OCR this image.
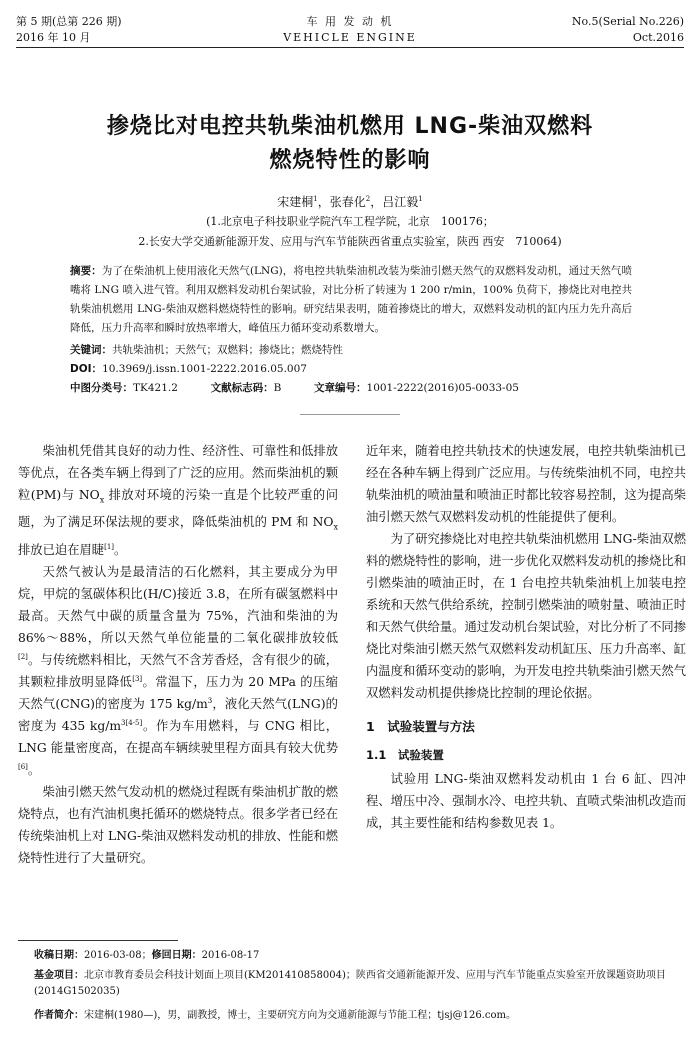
第 5 期(总第 226 期)
2016 年 10 月
车 用 发 动 机
VEHICLE ENGINE
No.5(Serial No.226)
Oct.2016
掺烧比对电控共轨柴油机燃用 LNG-柴油双燃料
燃烧特性的影响
宋建桐$^1$，张春化$^2$，吕江毅$^1$
(1.北京电子科技职业学院汽车工程学院，北京　100176；
2.长安大学交通新能源开发、应用与汽车节能陕西省重点实验室，陕西 西安　710064)
摘要：为了在柴油机上使用液化天然气(LNG)，将电控共轨柴油机改装为柴油引燃天然气的双燃料发动机，通过天然气喷嘴将 LNG 喷入进气管。利用双燃料发动机台架试验，对比分析了转速为 1 200 r/min，100% 负荷下，掺烧比对电控共轨柴油机燃用 LNG-柴油双燃料燃烧特性的影响。研究结果表明，随着掺烧比的增大，双燃料发动机的缸内压力先升高后降低，压力升高率和瞬时放热率增大，峰值压力循环变动系数增大。
关键词：共轨柴油机；天然气；双燃料；掺烧比；燃烧特性
DOI：10.3969/j.issn.1001-2222.2016.05.007
中图分类号：TK421.2	文献标志码：B	文章编号：1001-2222(2016)05-0033-05

柴油机凭借其良好的动力性、经济性、可靠性和低排放等优点，在各类车辆上得到了广泛的应用。然而柴油机的颗粒(PM)与 $NO_x$ 排放对环境的污染一直是个比较严重的问题，为了满足环保法规的要求，降低柴油机的 PM 和 $NO_x$ 排放已迫在眉睫[1]。

天然气被认为是最清洁的石化燃料，其主要成分为甲烷，甲烷的氢碳体积比(H/C)接近 3.8，在所有碳氢燃料中最高。天然气中碳的质量含量为 75%，汽油和柴油的为 86%～88%，所以天然气单位能量的二氧化碳排放较低[2]。与传统燃料相比，天然气不含芳香烃，含有很少的硫，其颗粒排放明显降低[3]。常温下，压力为 20 MPa 的压缩天然气(CNG)的密度为 175 $kg/m^3$，液化天然气(LNG)的密度为 435 $kg/m^{3[4-5]}$。作为车用燃料，与 CNG 相比，LNG 能量密度高，在提高车辆续驶里程方面具有较大优势[6]。

柴油引燃天然气发动机的燃烧过程既有柴油机扩散的燃烧特点，也有汽油机奥托循环的燃烧特点。很多学者已经在传统柴油机上对 LNG-柴油双燃料发动机的排放、性能和燃烧特性进行了大量研究。

近年来，随着电控共轨技术的快速发展，电控共轨柴油机已经在各种车辆上得到广泛应用。与传统柴油机不同，电控共轨柴油机的喷油量和喷油正时都比较容易控制，这为提高柴油引燃天然气双燃料发动机的性能提供了便利。

为了研究掺烧比对电控共轨柴油机燃用 LNG-柴油双燃料的燃烧特性的影响，进一步优化双燃料发动机的掺烧比和引燃柴油的喷油正时，在 1 台电控共轨柴油机上加装电控系统和天然气供给系统，控制引燃柴油的喷射量、喷油正时和天然气供给量。通过发动机台架试验，对比分析了不同掺烧比对柴油引燃天然气双燃料发动机缸压、压力升高率、缸内温度和循环变动的影响，为开发电控共轨柴油引燃天然气双燃料发动机提供掺烧比控制的理论依据。

1　试验装置与方法
1.1　试验装置

试验用 LNG-柴油双燃料发动机由 1 台 6 缸、四冲程、增压中冷、强制水冷、电控共轨、直喷式柴油机改造而成，其主要性能和结构参数见表 1。

收稿日期：2016-03-08；修回日期：2016-08-17
基金项目：北京市教育委员会科技计划面上项目(KM201410858004)；陕西省交通新能源开发、应用与汽车节能重点实验室开放课题资助项目(2014G1502035)
作者简介：宋建桐(1980—)，男，副教授，博士，主要研究方向为交通新能源与节能工程；tjsj@126.com。
